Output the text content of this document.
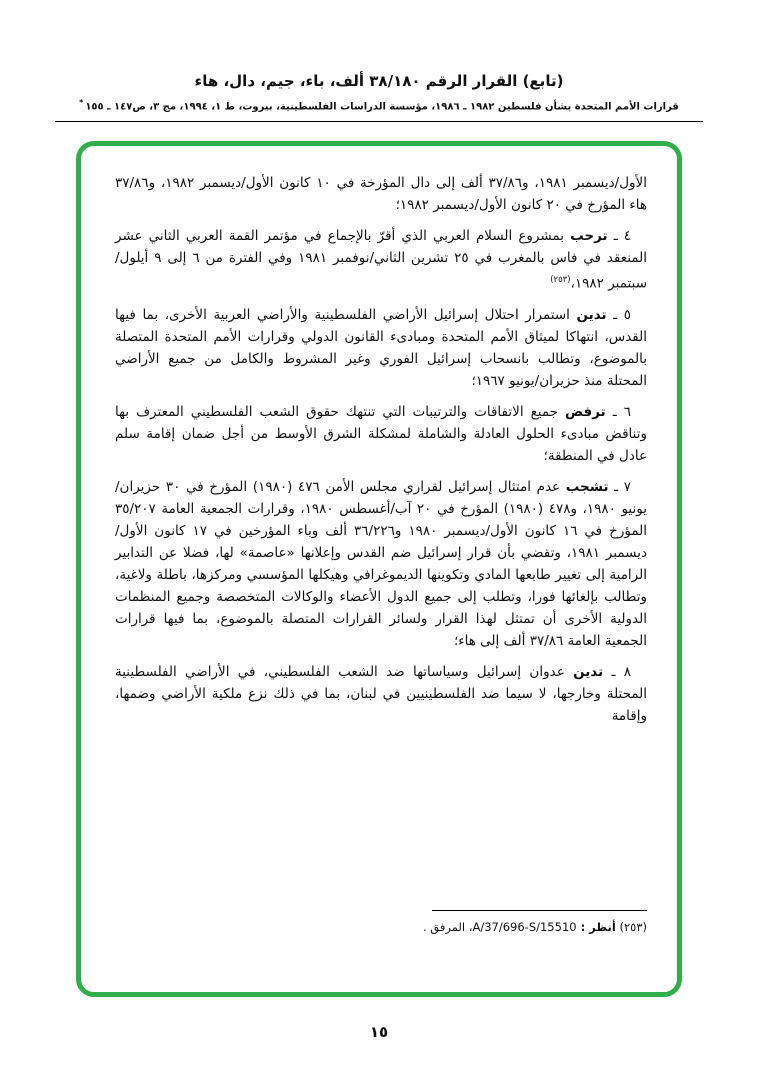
(تابع) القرار الرقم ٣٨/١٨٠ ألف، باء، جيم، دال، هاء
قرارات الأمم المتحدة بشأن فلسطين ١٩٨٢ ـ ١٩٨٦، مؤسسة الدراسات الفلسطينية، بيروت، ط ١، ١٩٩٤، مج ٣، ص١٤٧ ـ ١٥٥*

الأول/ديسمبر ١٩٨١، و٣٧/٨٦ ألف إلى دال المؤرخة في ١٠ كانون الأول/ديسمبر ١٩٨٢، و٣٧/٨٦ هاء المؤرخ في ٢٠ كانون الأول/ديسمبر ١٩٨٢؛

٤ ـ ترحب بمشروع السلام العربي الذي أقرّ بالإجماع في مؤتمر القمة العربي الثاني عشر المنعقد في فاس بالمغرب في ٢٥ تشرين الثاني/نوفمبر ١٩٨١ وفي الفترة من ٦ إلى ٩ أيلول/سبتمبر ١٩٨٢،$^{(٢٥٣)}$

٥ ـ تدين استمرار احتلال إسرائيل الأراضي الفلسطينية والأراضي العربية الأخرى، بما فيها القدس، انتهاكا لميثاق الأمم المتحدة ومبادىء القانون الدولي وقرارات الأمم المتحدة المتصلة بالموضوع، وتطالب بانسحاب إسرائيل الفوري وغير المشروط والكامل من جميع الأراضي المحتلة منذ حزيران/يونيو ١٩٦٧؛

٦ ـ ترفض جميع الاتفاقات والترتيبات التي تنتهك حقوق الشعب الفلسطيني المعترف بها وتناقض مبادىء الحلول العادلة والشاملة لمشكلة الشرق الأوسط من أجل ضمان إقامة سلم عادل في المنطقة؛

٧ ـ تشجب عدم امتثال إسرائيل لقراري مجلس الأمن ٤٧٦ (١٩٨٠) المؤرخ في ٣٠ حزيران/يونيو ١٩٨٠، و٤٧٨ (١٩٨٠) المؤرخ في ٢٠ آب/أغسطس ١٩٨٠، وقرارات الجمعية العامة ٣٥/٢٠٧ المؤرخ في ١٦ كانون الأول/ديسمبر ١٩٨٠ و٣٦/٢٢٦ ألف وباء المؤرخين في ١٧ كانون الأول/ديسمبر ١٩٨١، وتقضي بأن قرار إسرائيل ضم القدس وإعلانها «عاصمة» لها، فضلا عن التدابير الرامية إلى تغيير طابعها المادي وتكوينها الديموغرافي وهيكلها المؤسسي ومركزها، باطلة ولاغية، وتطالب بإلغائها فورا، وتطلب إلى جميع الدول الأعضاء والوكالات المتخصصة وجميع المنظمات الدولية الأخرى أن تمتثل لهذا القرار ولسائر القرارات المتصلة بالموضوع، بما فيها قرارات الجمعية العامة ٣٧/٨٦ ألف إلى هاء؛

٨ ـ تدين عدوان إسرائيل وسياساتها ضد الشعب الفلسطيني، في الأراضي الفلسطينية المحتلة وخارجها، لا سيما ضد الفلسطينيين في لبنان، بما في ذلك نزع ملكية الأراضي وضمها، وإقامة

(٢٥٣) أنظر : A/37/696-S/15510، المرفق .
١٥
